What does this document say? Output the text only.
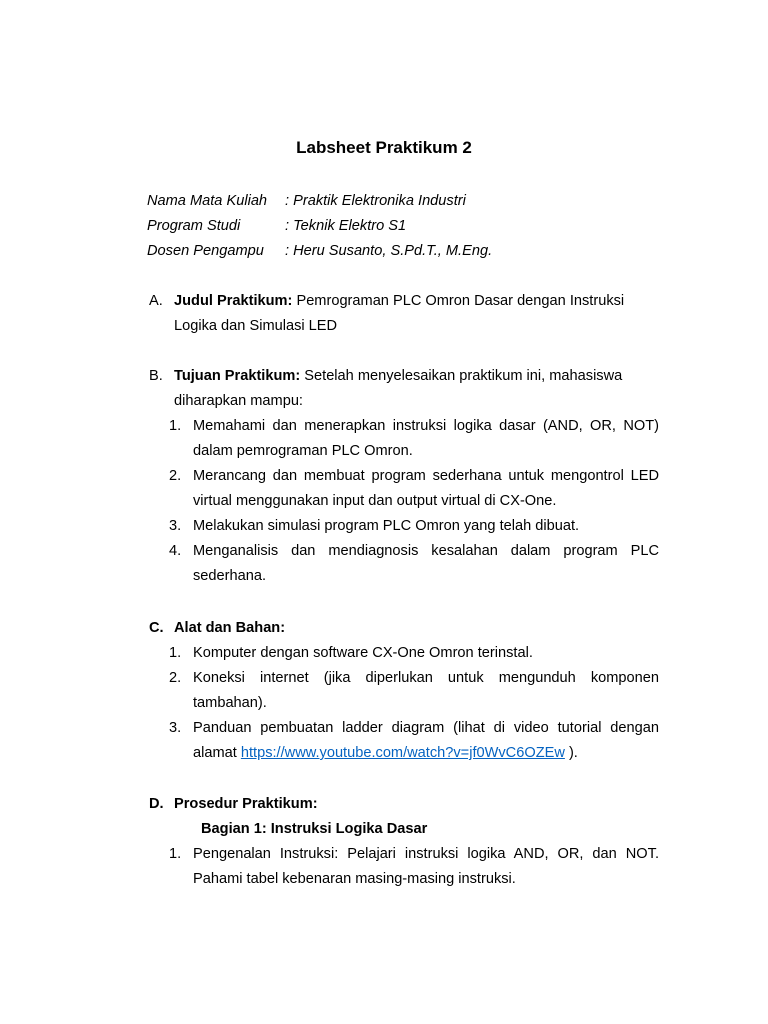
Labsheet Praktikum 2
Nama Mata Kuliah : Praktik Elektronika Industri
Program Studi	: Teknik Elektro S1
Dosen Pengampu : Heru Susanto, S.Pd.T., M.Eng.
A. Judul Praktikum: Pemrograman PLC Omron Dasar dengan Instruksi
Logika dan Simulasi LED
B. Tujuan Praktikum: Setelah menyelesaikan praktikum ini, mahasiswa
diharapkan mampu:
1. Memahami dan menerapkan instruksi logika dasar (AND, OR, NOT) dalam pemrograman PLC Omron.
2. Merancang dan membuat program sederhana untuk mengontrol LED virtual menggunakan input dan output virtual di CX-One.
3. Melakukan simulasi program PLC Omron yang telah dibuat.
4. Menganalisis dan mendiagnosis kesalahan dalam program PLC sederhana.
C. Alat dan Bahan:
1. Komputer dengan software CX-One Omron terinstal.
2. Koneksi internet (jika diperlukan untuk mengunduh komponen tambahan).
3. Panduan pembuatan ladder diagram (lihat di video tutorial dengan alamat https://www.youtube.com/watch?v=jf0WvC6OZEw ).
D. Prosedur Praktikum:
Bagian 1: Instruksi Logika Dasar
1. Pengenalan Instruksi: Pelajari instruksi logika AND, OR, dan NOT. Pahami tabel kebenaran masing-masing instruksi.
